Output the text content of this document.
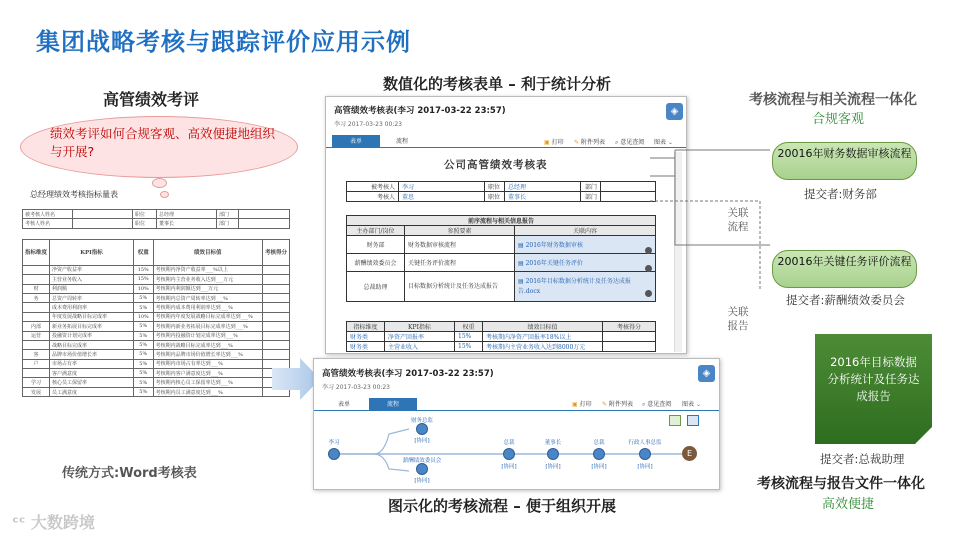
集团战略考核与跟踪评价应用示例
高管绩效考评
绩效考评如何合规客观、高效便捷地组织与开展?
总经理绩效考核指标量表
被考核人姓名		职位	总经理	部门	
考核人姓名		职位	董事长	部门	
指标维度	KPI指标	权重	绩效目标值	考核得分
	净资产收益率	15%	考核期内净资产收益率___%以上	
	主营业务收入	15%	考核期内主营业务收入达到___万元	
财	利润额	10%	考核期内利润额达到___万元	
务	总资产周转率	5%	考核期内总资产周转率达到___%	
	成本费用利润率	5%	考核期内成本费用利润率达到___%	
	年度发展战略目标完成率	10%	考核期内年度发展战略目标完成率达到___%	
内部	新业务拓展目标完成率	5%	考核期内新业务拓展目标完成率达到___%	
运营	投融资计划完成率	5%	考核期内投融资计划完成率达到___%	
	战略目标完成率	5%	考核期内战略目标完成率达到___%	
客	品牌市场价值增长率	5%	考核期内品牌市场价值增长率达到___%	
户	市场占有率	5%	考核期内市场占有率达到___%	
	客户满意度	5%	考核期内客户满意度达到___%	
学习	核心员工保留率	5%	考核期内核心员工保留率达到___%	
发展	员工满意度	5%	考核期内员工满意度达到___%	
传统方式:Word考核表
数值化的考核表单 – 利于统计分析
高管绩效考核表(李习 2017-03-22 23:57)
李习 2017-03-23 00:23
◈
表单	流程	▣ 打印 ✎ 附件列表 ⌕ 意见查阅 图表 ⌄
公司高管绩效考核表
被考核人	李习	职位	总经理	部门	
考核人	董思	职位	董事长	部门	
前序流程与相关信息报告		
主办部门/岗位	参照要素	关联内容
财务部	财务数据审核流程	▤ 2016年财务数据审核
薪酬绩效委员会	关键任务评价流程	▤ 2016年关键任务评价
总裁助理	目标数据分析统计及任务达成报告	▤ 2016年目标数据分析统计及任务达成报告.docx
指标维度	KPI指标	权重	绩效目标值	考核得分
财务类	净资产回报率	15%	考核期内净资产回报率18%以上	
财务类	主营业收入	15%	考核期内主营业务收入达到8000万元	
高管绩效考核表(李习 2017-03-22 23:57)
李习 2017-03-23 00:23
◈
表单	流程	▣ 打印 ✎ 附件列表 ⌕ 意见查阅 图表 ⌄
李习
财务总监
[协同]
薪酬绩效委员会
[协同]
总裁
[协同]
董事长
[协同]
总裁
[协同]
行政人事总监
[协同]
E
图示化的考核流程 – 便于组织开展
考核流程与相关流程一体化
合规客观
20016年财务数据审核流程
提交者:财务部
关联流程
20016年关键任务评价流程
提交者:薪酬绩效委员会
关联报告
2016年目标数据分析统计及任务达成报告
提交者:总裁助理
考核流程与报告文件一体化
高效便捷
ᶜᶜ 大数跨境
